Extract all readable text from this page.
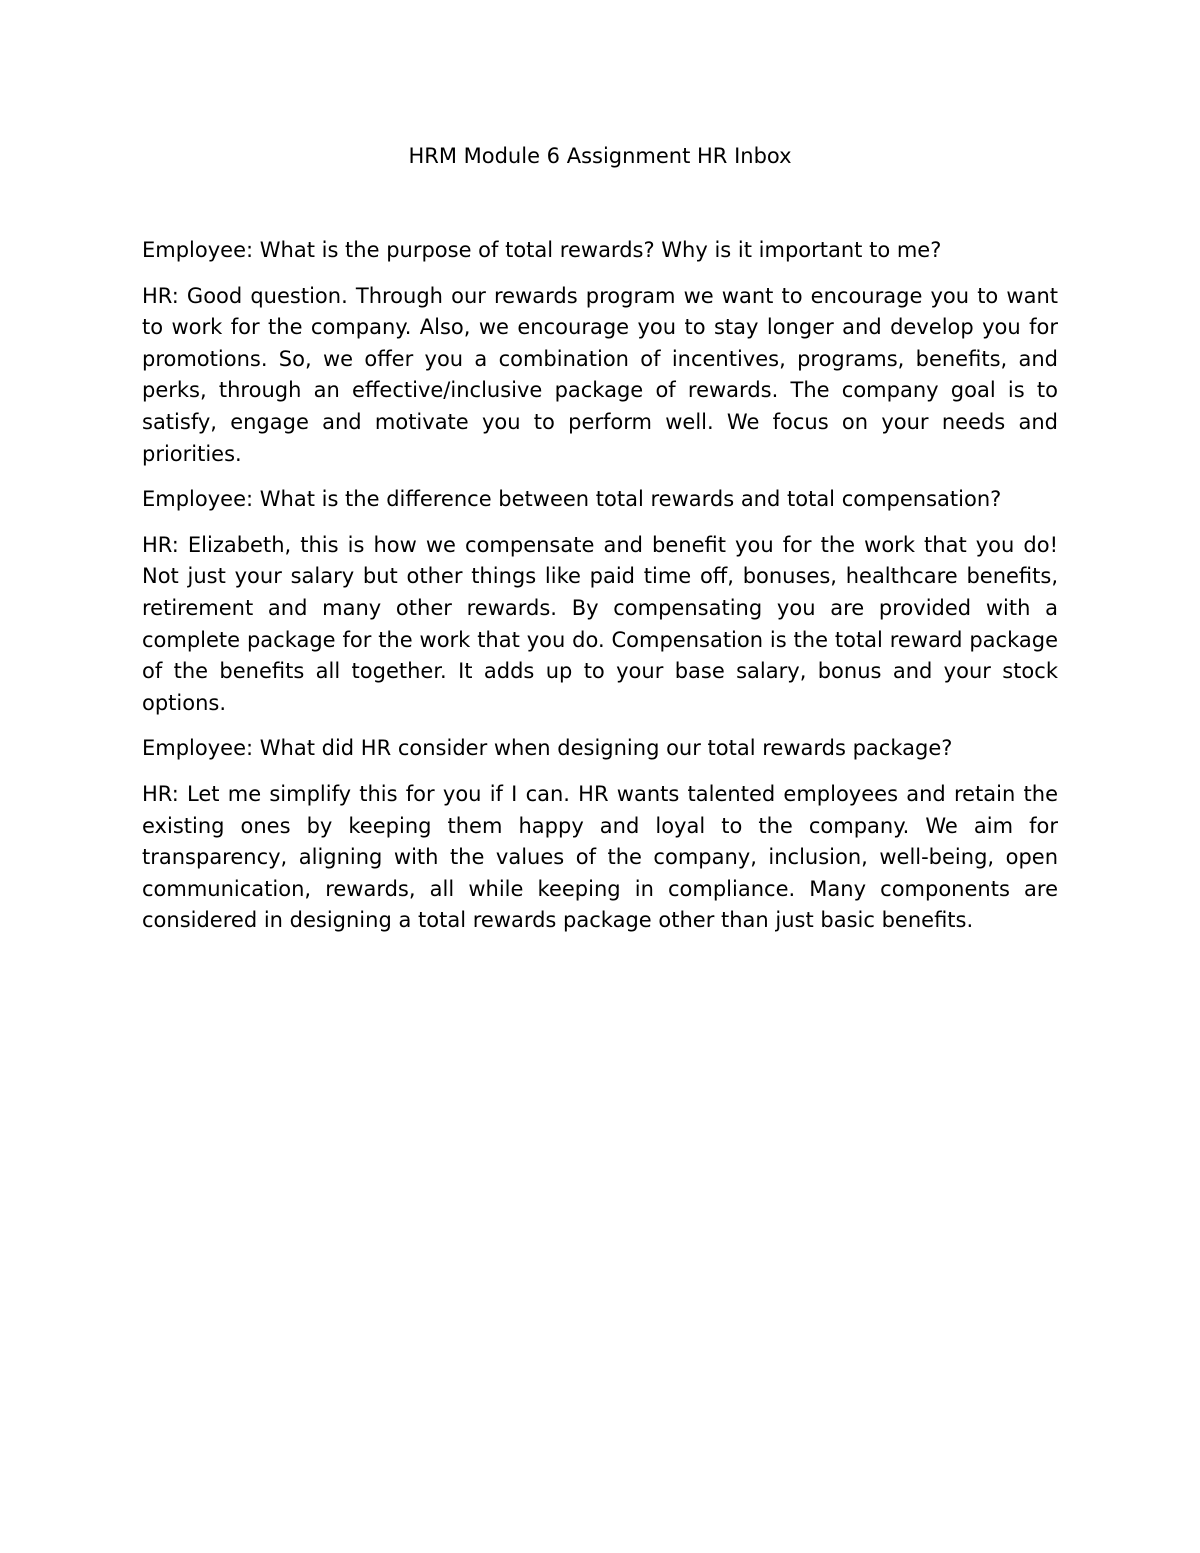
HRM Module 6 Assignment HR Inbox

Employee: What is the purpose of total rewards? Why is it important to me?

HR: Good question. Through our rewards program we want to encourage you to want to work for the company. Also, we encourage you to stay longer and develop you for promotions. So, we offer you a combination of incentives, programs, benefits, and perks, through an effective/inclusive package of rewards. The company goal is to satisfy, engage and motivate you to perform well. We focus on your needs and priorities.

Employee: What is the difference between total rewards and total compensation?

HR: Elizabeth, this is how we compensate and benefit you for the work that you do! Not just your salary but other things like paid time off, bonuses, healthcare benefits, retirement and many other rewards. By compensating you are provided with a complete package for the work that you do. Compensation is the total reward package of the benefits all together. It adds up to your base salary, bonus and your stock options.

Employee: What did HR consider when designing our total rewards package?

HR: Let me simplify this for you if I can. HR wants talented employees and retain the existing ones by keeping them happy and loyal to the company. We aim for transparency, aligning with the values of the company, inclusion, well-being, open communication, rewards, all while keeping in compliance. Many components are considered in designing a total rewards package other than just basic benefits.
